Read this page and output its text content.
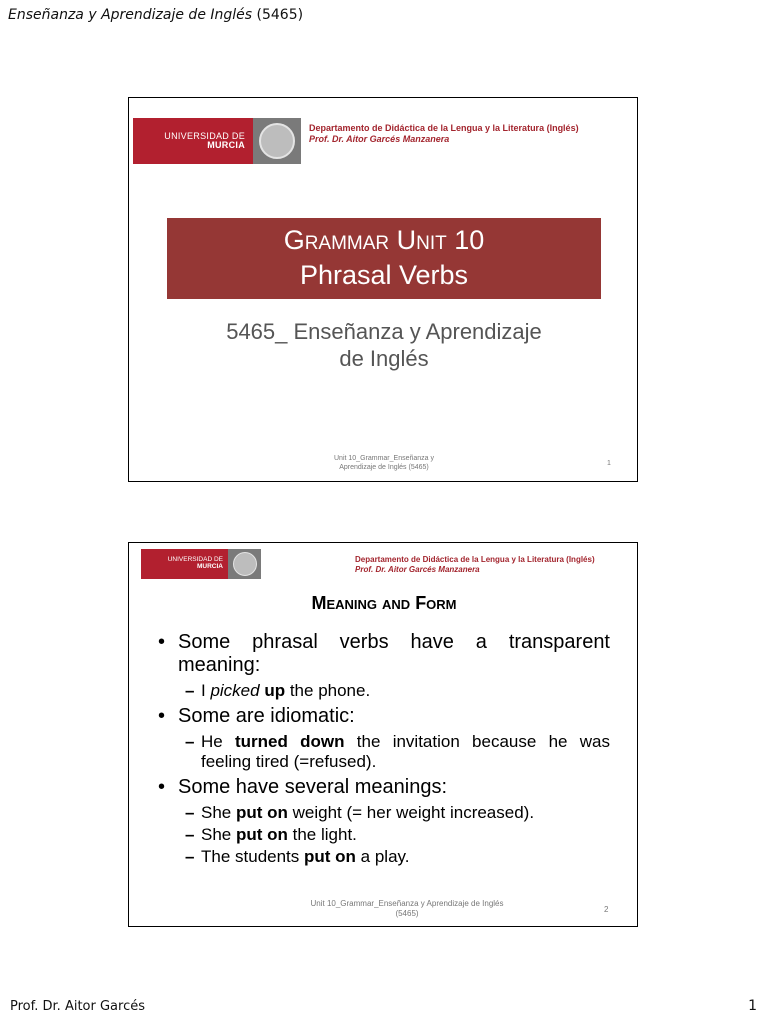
Enseñanza y Aprendizaje de Inglés (5465)
UNIVERSIDAD DE
MURCIA
Departamento de Didáctica de la Lengua y la Literatura (Inglés)
Prof. Dr. Aitor Garcés Manzanera
Grammar Unit 10
Phrasal Verbs
5465_ Enseñanza y Aprendizaje
de Inglés
Unit 10_Grammar_Enseñanza y
Aprendizaje de Inglés (5465)
1
UNIVERSIDAD DE
MURCIA
Departamento de Didáctica de la Lengua y la Literatura (Inglés)
Prof. Dr. Aitor Garcés Manzanera
Meaning and Form
• Some phrasal verbs have a transparent meaning:
– I picked up the phone.
• Some are idiomatic:
– He turned down the invitation because he was feeling tired (=refused).
• Some have several meanings:
– She put on weight (= her weight increased).
– She put on the light.
– The students put on a play.
Unit 10_Grammar_Enseñanza y Aprendizaje de Inglés
(5465)	2
Prof. Dr. Aitor Garcés	1
